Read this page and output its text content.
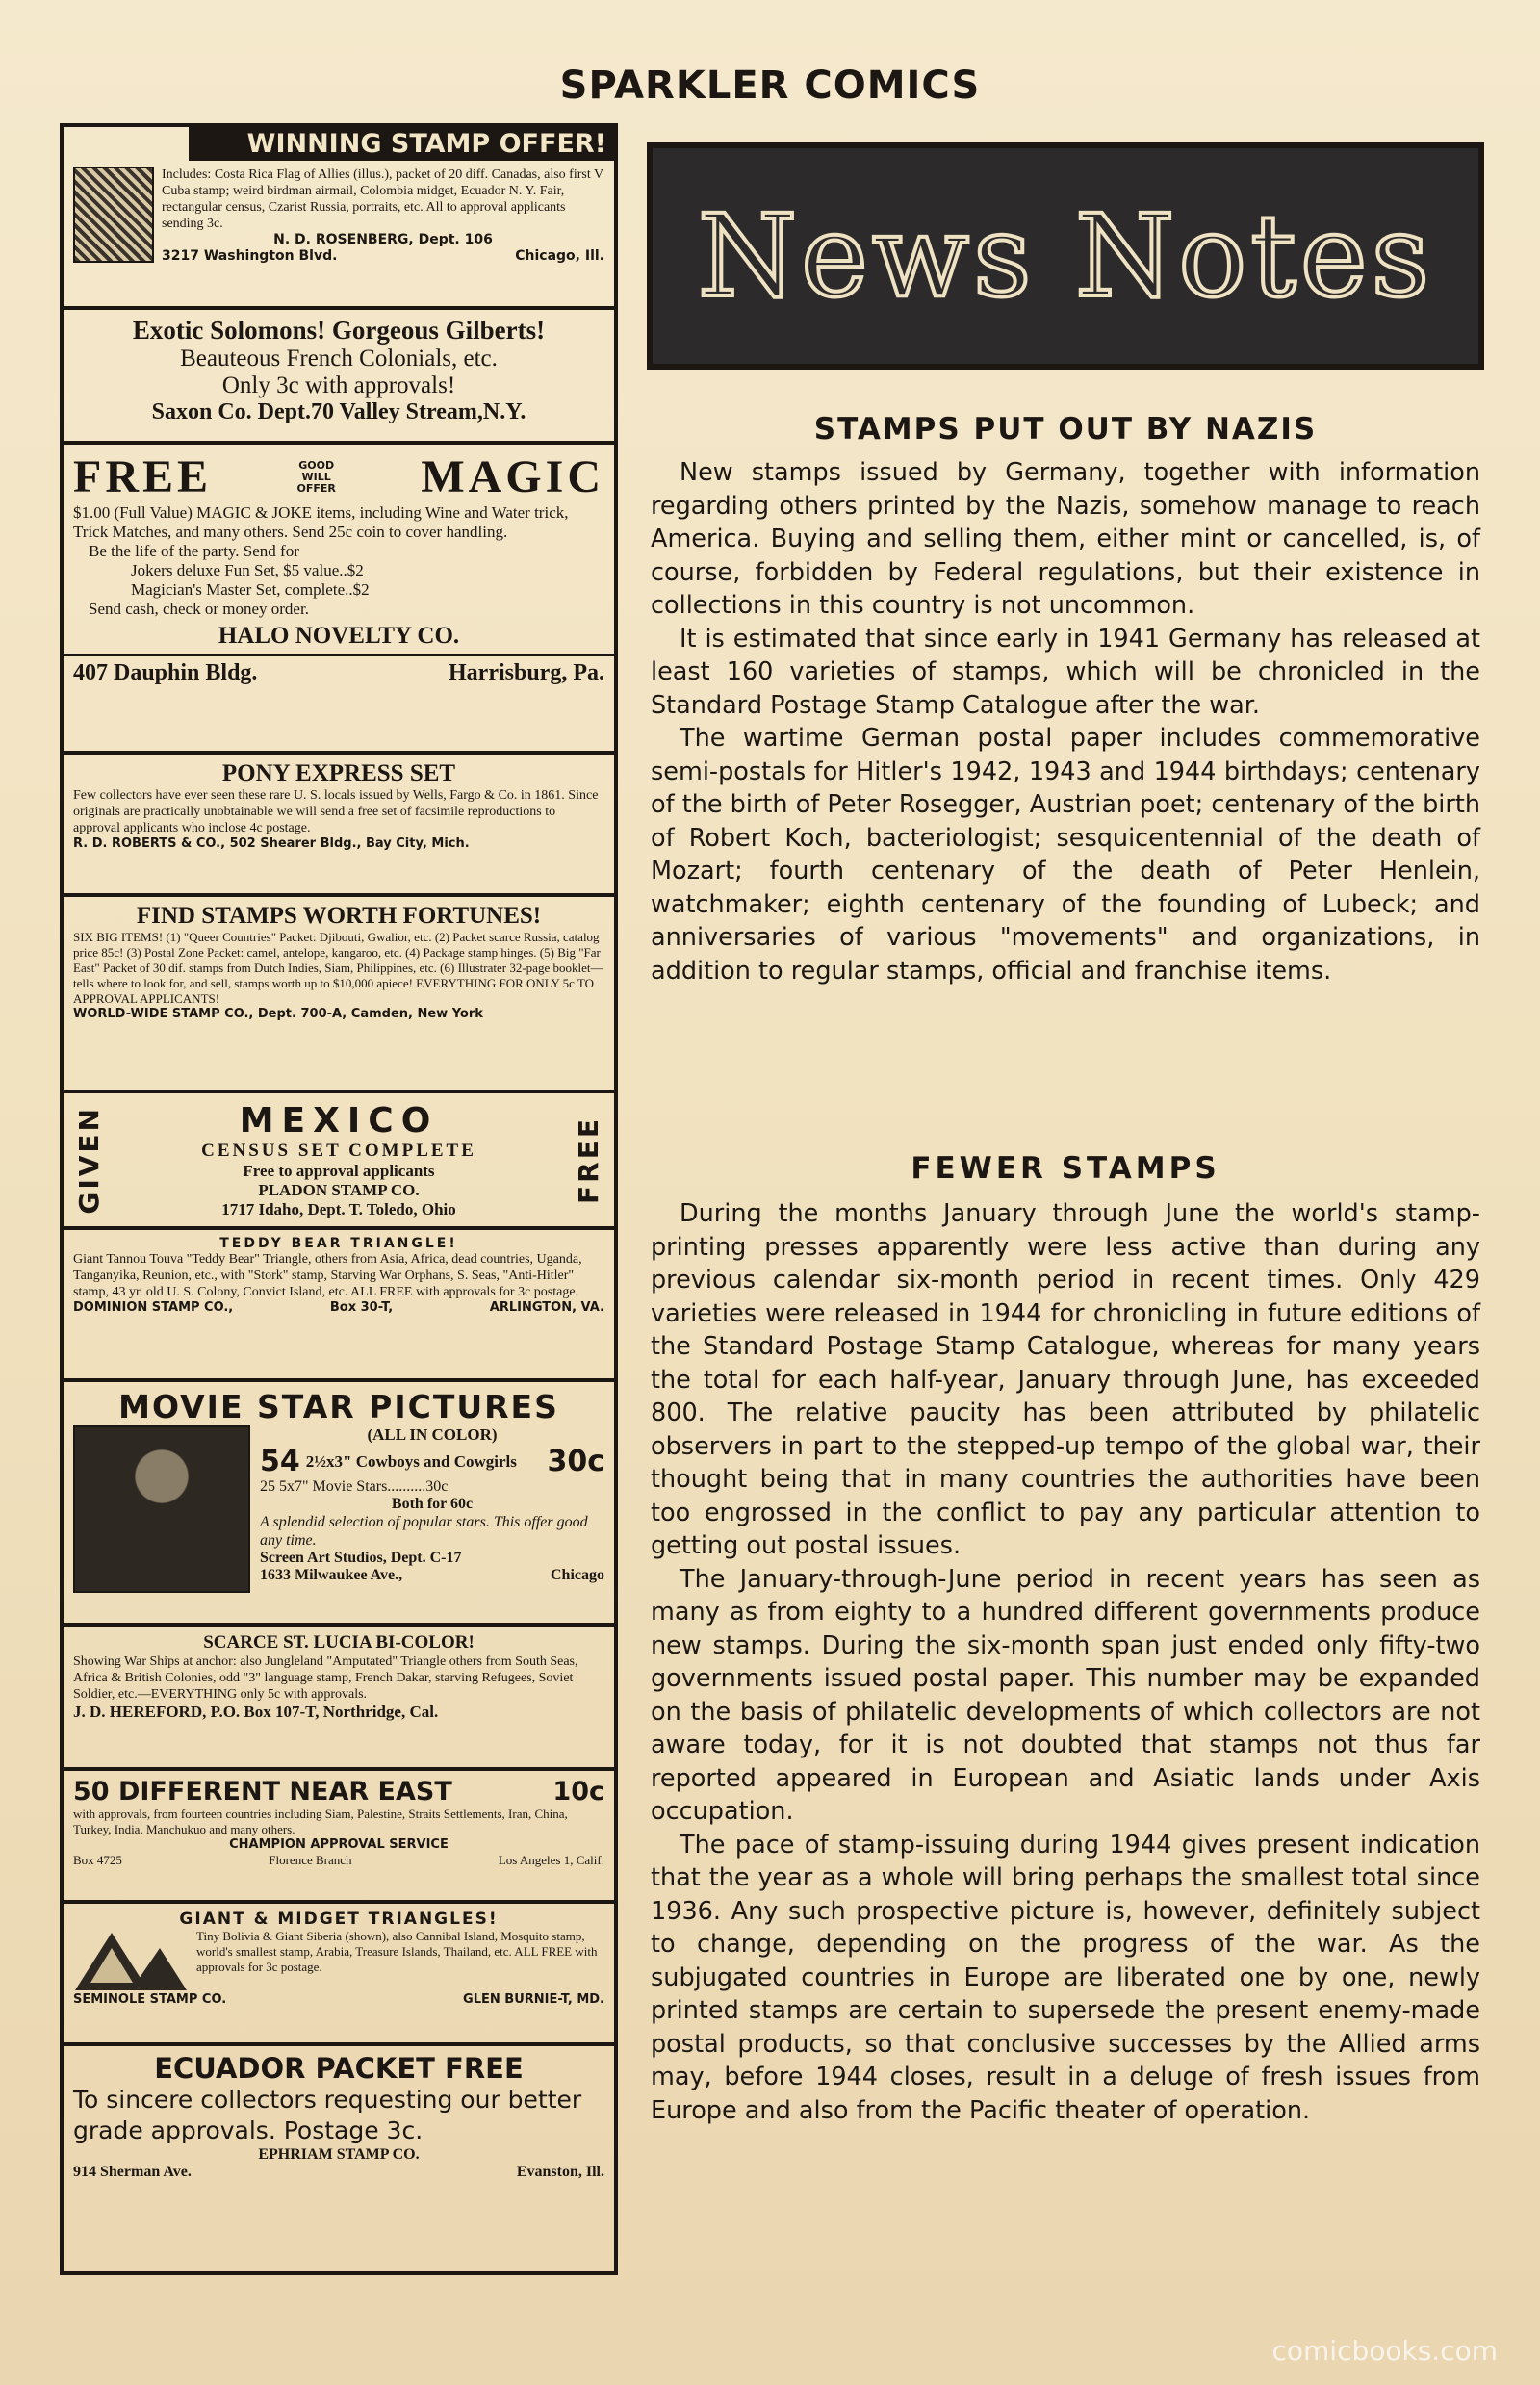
SPARKLER COMICS
WINNING STAMP OFFER!
Includes: Costa Rica Flag of Allies (illus.), packet of 20 diff. Canadas, also first V Cuba stamp; weird birdman airmail, Colombia midget, Ecuador N. Y. Fair, rectangular census, Czarist Russia, portraits, etc. All to approval applicants sending 3c.
N. D. ROSENBERG, Dept. 106
3217 Washington Blvd.	Chicago, Ill.
Exotic Solomons! Gorgeous Gilberts!
Beauteous French Colonials, etc.
Only 3c with approvals!
Saxon Co. Dept.70 Valley Stream,N.Y.
FREE	GOOD WILL OFFER MAGIC
$1.00 (Full Value) MAGIC & JOKE items, including Wine and Water trick, Trick Matches, and many others. Send 25c coin to cover handling.
Be the life of the party. Send for
Jokers deluxe Fun Set, $5 value..$2
Magician's Master Set, complete..$2
Send cash, check or money order.
HALO NOVELTY CO.
407 Dauphin Bldg.	Harrisburg, Pa.
PONY EXPRESS SET
Few collectors have ever seen these rare U. S. locals issued by Wells, Fargo & Co. in 1861. Since originals are practically unobtainable we will send a free set of facsimile reproductions to approval applicants who inclose 4c postage.
R. D. ROBERTS & CO., 502 Shearer Bldg., Bay City, Mich.
FIND STAMPS WORTH FORTUNES!
SIX BIG ITEMS! (1) "Queer Countries" Packet: Djibouti, Gwalior, etc. (2) Packet scarce Russia, catalog price 85c! (3) Postal Zone Packet: camel, antelope, kangaroo, etc. (4) Package stamp hinges. (5) Big "Far East" Packet of 30 dif. stamps from Dutch Indies, Siam, Philippines, etc. (6) Illustrater 32-page booklet—tells where to look for, and sell, stamps worth up to $10,000 apiece! EVERYTHING FOR ONLY 5c TO APPROVAL APPLICANTS!
WORLD-WIDE STAMP CO., Dept. 700-A, Camden, New York
GIVEN	MEXICO
CENSUS SET COMPLETE
Free to approval applicants
PLADON STAMP CO.
1717 Idaho, Dept. T. Toledo, Ohio
FREE
TEDDY BEAR TRIANGLE!
Giant Tannou Touva "Teddy Bear" Triangle, others from Asia, Africa, dead countries, Uganda, Tanganyika, Reunion, etc., with "Stork" stamp, Starving War Orphans, S. Seas, "Anti-Hitler" stamp, 43 yr. old U. S. Colony, Convict Island, etc. ALL FREE with approvals for 3c postage.
DOMINION STAMP CO.,	Box 30-T,	ARLINGTON, VA.
MOVIE STAR PICTURES
(ALL IN COLOR)
54 2½x3" Cowboys and Cowgirls	30c
25 5x7" Movie Stars..........30c
Both for 60c
A splendid selection of popular stars. This offer good any time.
Screen Art Studios, Dept. C-17
1633 Milwaukee Ave.,	Chicago
SCARCE ST. LUCIA BI-COLOR!
Showing War Ships at anchor: also Jungleland "Amputated" Triangle others from South Seas, Africa & British Colonies, odd "3" language stamp, French Dakar, starving Refugees, Soviet Soldier, etc.—EVERYTHING only 5c with approvals.
J. D. HEREFORD, P.O. Box 107-T, Northridge, Cal.
50 DIFFERENT NEAR EAST	10c
with approvals, from fourteen countries including Siam, Palestine, Straits Settlements, Iran, China, Turkey, India, Manchukuo and many others.
CHAMPION APPROVAL SERVICE
Box 4725	Florence Branch	Los Angeles 1, Calif.
GIANT & MIDGET TRIANGLES!
Tiny Bolivia & Giant Siberia (shown), also Cannibal Island, Mosquito stamp, world's smallest stamp, Arabia, Treasure Islands, Thailand, etc. ALL FREE with approvals for 3c postage.
SEMINOLE STAMP CO.	GLEN BURNIE-T, MD.
ECUADOR PACKET FREE
To sincere collectors requesting our better grade approvals. Postage 3c.
EPHRIAM STAMP CO.
914 Sherman Ave.	Evanston, Ill.
News Notes
STAMPS PUT OUT BY NAZIS

New stamps issued by Germany, together with information regarding others printed by the Nazis, somehow manage to reach America. Buying and selling them, either mint or cancelled, is, of course, forbidden by Federal regulations, but their existence in collections in this country is not uncommon.

It is estimated that since early in 1941 Germany has released at least 160 varieties of stamps, which will be chronicled in the Standard Postage Stamp Catalogue after the war.

The wartime German postal paper includes commemorative semi-postals for Hitler's 1942, 1943 and 1944 birthdays; centenary of the birth of Peter Rosegger, Austrian poet; centenary of the birth of Robert Koch, bacteriologist; sesquicentennial of the death of Mozart; fourth centenary of the death of Peter Henlein, watchmaker; eighth centenary of the founding of Lubeck; and anniversaries of various "movements" and organizations, in addition to regular stamps, official and franchise items.

FEWER STAMPS

During the months January through June the world's stamp-printing presses apparently were less active than during any previous calendar six-month period in recent times. Only 429 varieties were released in 1944 for chronicling in future editions of the Standard Postage Stamp Catalogue, whereas for many years the total for each half-year, January through June, has exceeded 800. The relative paucity has been attributed by philatelic observers in part to the stepped-up tempo of the global war, their thought being that in many countries the authorities have been too engrossed in the conflict to pay any particular attention to getting out postal issues.

The January-through-June period in recent years has seen as many as from eighty to a hundred different governments produce new stamps. During the six-month span just ended only fifty-two governments issued postal paper. This number may be expanded on the basis of philatelic developments of which collectors are not aware today, for it is not doubted that stamps not thus far reported appeared in European and Asiatic lands under Axis occupation.

The pace of stamp-issuing during 1944 gives present indication that the year as a whole will bring perhaps the smallest total since 1936. Any such prospective picture is, however, definitely subject to change, depending on the progress of the war. As the subjugated countries in Europe are liberated one by one, newly printed stamps are certain to supersede the present enemy-made postal products, so that conclusive successes by the Allied arms may, before 1944 closes, result in a deluge of fresh issues from Europe and also from the Pacific theater of operation.

comicbooks.com
